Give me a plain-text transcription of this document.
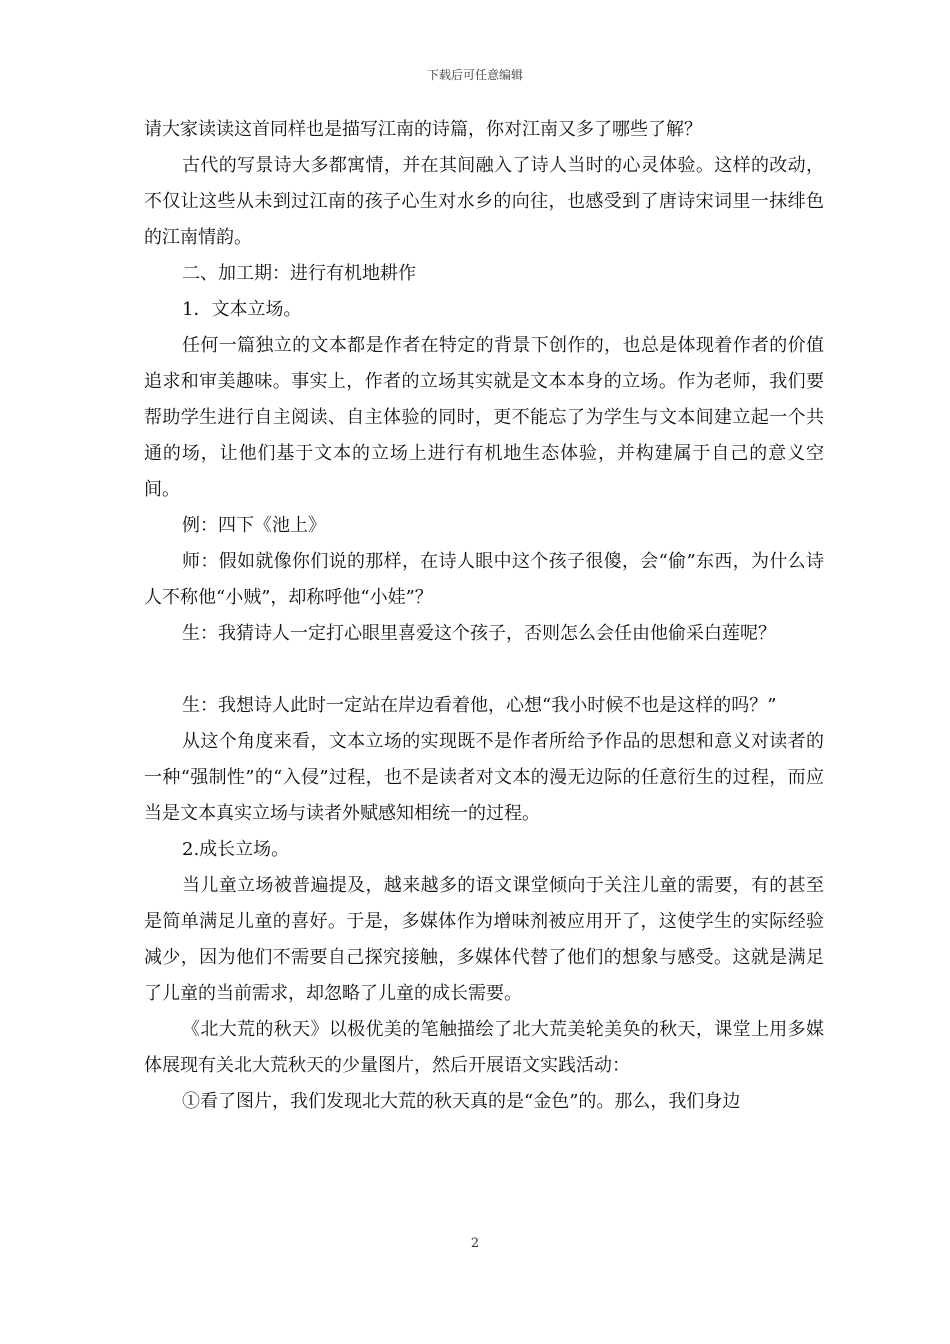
下载后可任意编辑

请大家读读这首同样也是描写江南的诗篇，你对江南又多了哪些了解？

古代的写景诗大多都寓情，并在其间融入了诗人当时的心灵体验。这样的改动，不仅让这些从未到过江南的孩子心生对水乡的向往，也感受到了唐诗宋词里一抹绯色的江南情韵。

二、加工期：进行有机地耕作

1．文本立场。

任何一篇独立的文本都是作者在特定的背景下创作的，也总是体现着作者的价值追求和审美趣味。事实上，作者的立场其实就是文本本身的立场。作为老师，我们要帮助学生进行自主阅读、自主体验的同时，更不能忘了为学生与文本间建立起一个共通的场，让他们基于文本的立场上进行有机地生态体验，并构建属于自己的意义空间。

例：四下《池上》

师：假如就像你们说的那样，在诗人眼中这个孩子很傻，会“偷”东西，为什么诗人不称他“小贼”，却称呼他“小娃”？

生：我猜诗人一定打心眼里喜爱这个孩子，否则怎么会任由他偷采白莲呢？

生：我想诗人此时一定站在岸边看着他，心想“我小时候不也是这样的吗？”

从这个角度来看，文本立场的实现既不是作者所给予作品的思想和意义对读者的一种“强制性”的“入侵”过程，也不是读者对文本的漫无边际的任意衍生的过程，而应当是文本真实立场与读者外赋感知相统一的过程。

2.成长立场。

当儿童立场被普遍提及，越来越多的语文课堂倾向于关注儿童的需要，有的甚至是简单满足儿童的喜好。于是，多媒体作为增味剂被应用开了，这使学生的实际经验减少，因为他们不需要自己探究接触，多媒体代替了他们的想象与感受。这就是满足了儿童的当前需求，却忽略了儿童的成长需要。

《北大荒的秋天》以极优美的笔触描绘了北大荒美轮美奂的秋天，课堂上用多媒体展现有关北大荒秋天的少量图片，然后开展语文实践活动：

①看了图片，我们发现北大荒的秋天真的是“金色”的。那么，我们身边

2
